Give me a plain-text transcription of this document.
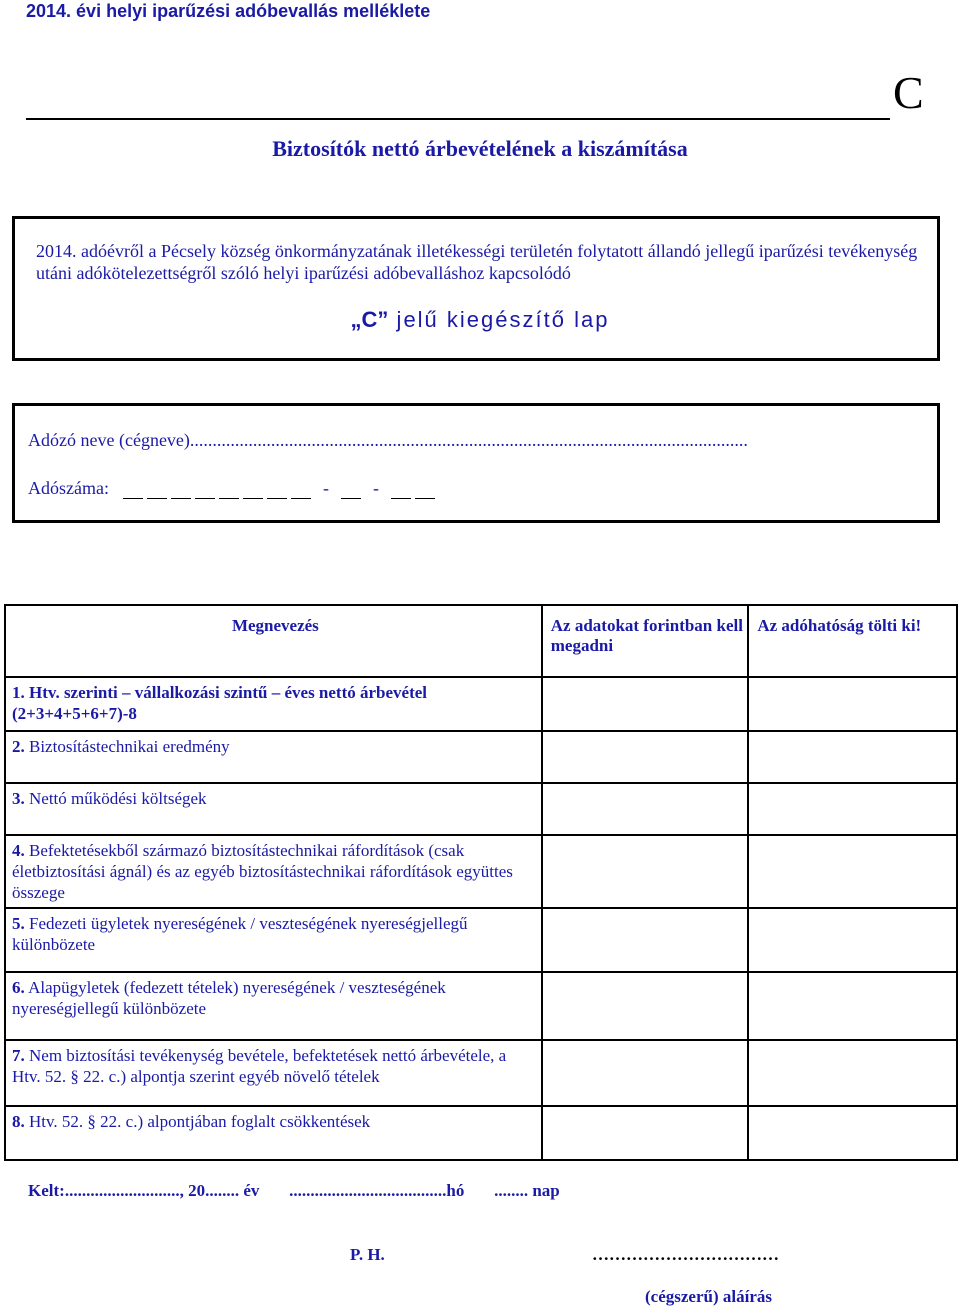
2014. évi helyi iparűzési adóbevallás melléklete
C
Biztosítók nettó árbevételének a kiszámítása
2014. adóévről a Pécsely község önkormányzatának illetékességi területén folytatott állandó jellegű iparűzési tevékenység utáni adókötelezettségről szóló helyi iparűzési adóbevalláshoz kapcsolódó
„C” jelű kiegészítő lap
Adózó neve (cégneve)............................................................................................................................
Adószáma:	- -
Megnevezés	Az adatokat forintban kell megadni	Az adóhatóság tölti ki!

1. Htv. szerinti – vállalkozási szintű – éves nettó árbevétel (2+3+4+5+6+7)-8		

2. Biztosítástechnikai eredmény		

3. Nettó működési költségek		

4. Befektetésekből származó biztosítástechnikai ráfordítások (csak életbiztosítási ágnál) és az egyéb biztosítástechnikai ráfordítások együttes összege		

5. Fedezeti ügyletek nyereségének / veszteségének nyereségjellegű különbözete		

6. Alapügyletek (fedezett tételek) nyereségének / veszteségének nyereségjellegű különbözete		

7. Nem biztosítási tevékenység bevétele, befektetések nettó árbevétele, a Htv. 52. § 22. c.) alpontja szerint egyéb növelő tételek		

8. Htv. 52. § 22. c.) alpontjában foglalt csökkentések		

Kelt:..........................., 20........ év       .....................................hó       ........ nap
P. H.	……………………………
(cégszerű) aláírás
